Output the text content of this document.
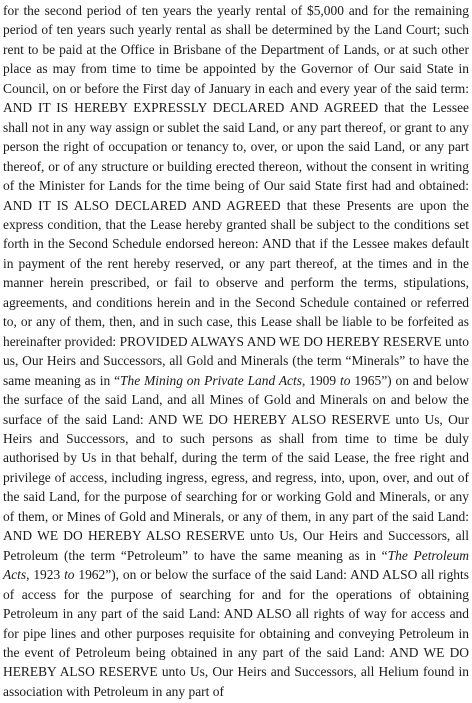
for the second period of ten years the yearly rental of $5,000 and for the remaining period of ten years such yearly rental as shall be determined by the Land Court; such rent to be paid at the Office in Brisbane of the Department of Lands, or at such other place as may from time to time be appointed by the Governor of Our said State in Council, on or before the First day of January in each and every year of the said term: AND IT IS HEREBY EXPRESSLY DECLARED AND AGREED that the Lessee shall not in any way assign or sublet the said Land, or any part thereof, or grant to any person the right of occupation or tenancy to, over, or upon the said Land, or any part thereof, or of any structure or building erected thereon, without the consent in writing of the Minister for Lands for the time being of Our said State first had and obtained: AND IT IS ALSO DECLARED AND AGREED that these Presents are upon the express condition, that the Lease hereby granted shall be subject to the conditions set forth in the Second Schedule endorsed hereon: AND that if the Lessee makes default in payment of the rent hereby reserved, or any part thereof, at the times and in the manner herein prescribed, or fail to observe and perform the terms, stipulations, agreements, and conditions herein and in the Second Schedule contained or referred to, or any of them, then, and in such case, this Lease shall be liable to be forfeited as hereinafter provided: PROVIDED ALWAYS AND WE DO HEREBY RESERVE unto us, Our Heirs and Successors, all Gold and Minerals (the term “Minerals” to have the same meaning as in “The Mining on Private Land Acts, 1909 to 1965”) on and below the surface of the said Land, and all Mines of Gold and Minerals on and below the surface of the said Land: AND WE DO HEREBY ALSO RESERVE unto Us, Our Heirs and Successors, and to such persons as shall from time to time be duly authorised by Us in that behalf, during the term of the said Lease, the free right and privilege of access, including ingress, egress, and regress, into, upon, over, and out of the said Land, for the purpose of searching for or working Gold and Minerals, or any of them, or Mines of Gold and Minerals, or any of them, in any part of the said Land: AND WE DO HEREBY ALSO RESERVE unto Us, Our Heirs and Successors, all Petroleum (the term “Petroleum” to have the same meaning as in “The Petroleum Acts, 1923 to 1962”), on or below the surface of the said Land: AND ALSO all rights of access for the purpose of searching for and for the operations of obtaining Petroleum in any part of the said Land: AND ALSO all rights of way for access and for pipe lines and other purposes requisite for obtaining and conveying Petroleum in the event of Petroleum being obtained in any part of the said Land: AND WE DO HEREBY ALSO RESERVE unto Us, Our Heirs and Successors, all Helium found in association with Petroleum in any part of
